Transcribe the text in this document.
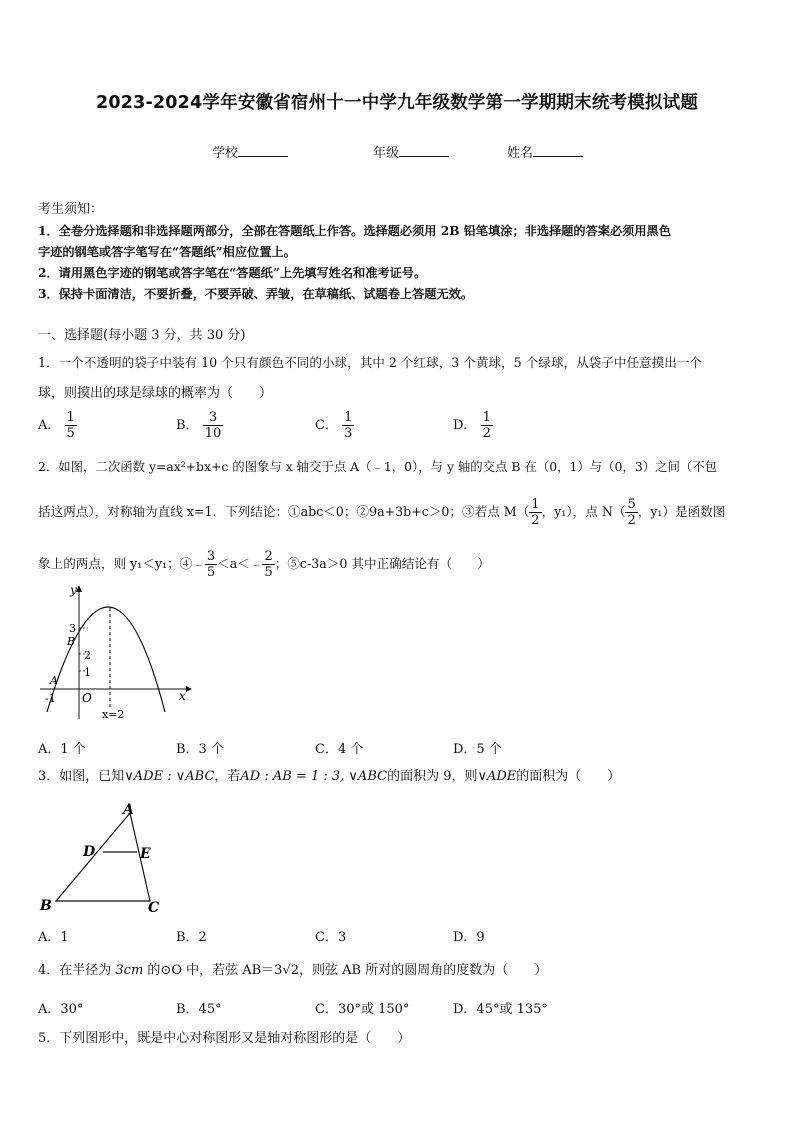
2023-2024学年安徽省宿州十一中学九年级数学第一学期期末统考模拟试题
学校	年级	姓名
考生须知：
1．全卷分选择题和非选择题两部分，全部在答题纸上作答。选择题必须用 2B 铅笔填涂；非选择题的答案必须用黑色
字迹的钢笔或答字笔写在“答题纸”相应位置上。
2．请用黑色字迹的钢笔或答字笔在“答题纸”上先填写姓名和准考证号。
3．保持卡面清洁，不要折叠，不要弄破、弄皱，在草稿纸、试题卷上答题无效。
一、选择题(每小题 3 分，共 30 分)
1．一个不透明的袋子中装有 10 个只有颜色不同的小球，其中 2 个红球，3 个黄球，5 个绿球，从袋子中任意摸出一个
球，则摸出的球是绿球的概率为（　　）
A． $\frac{1}{5}$	B． $\frac{3}{10}$	C． $\frac{1}{3}$	D． $\frac{1}{2}$
2．如图，二次函数 y=ax²+bx+c 的图象与 x 轴交于点 A（﹣1，0），与 y 轴的交点 B 在（0，1）与（0，3）之间（不包
括这两点），对称轴为直线 x=1．下列结论：①abc＜0；②9a+3b+c＞0；③若点 $M( \frac{1}{2}$ ，y₁），点 $N( \frac{5}{2}$ ，y₁）是函数图
象上的两点，则 y₁＜y₁；④﹣ $\frac{3}{5}$ ＜a＜﹣ $\frac{2}{5}$ ；⑤c-3a＞0 其中正确结论有（　　）
y
x
O
A
B
3
2
1
-1
x=2
A．1 个	B．3 个	C．4 个	D．5 个
3．如图，已知∨ADE : ∨ABC，若AD : AB = 1 : 3, ∨ABC的面积为 9，则∨ADE的面积为（　　）
A
B	C
D	E
A．1	B．2	C．3	D．9
4．在半径为 3cm 的⊙O 中，若弦 AB＝3√2，则弦 AB 所对的圆周角的度数为（　　）
A．30°	B．45°	C．30°或 150°	D．45°或 135°
5．下列图形中，既是中心对称图形又是轴对称图形的是（　　）
